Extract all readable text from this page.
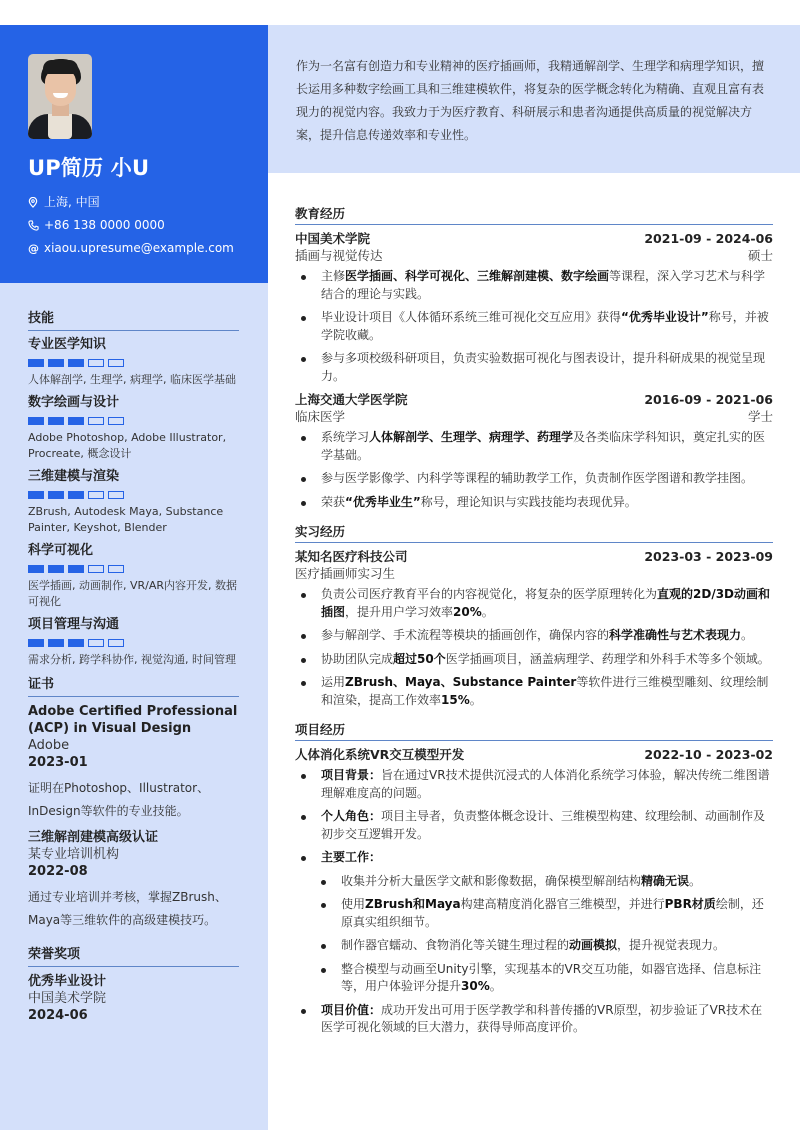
UP简历 小U
上海, 中国
+86 138 0000 0000
@ xiaou.upresume@example.com
技能
专业医学知识
人体解剖学, 生理学, 病理学, 临床医学基础
数字绘画与设计
Adobe Photoshop, Adobe Illustrator, Procreate, 概念设计
三维建模与渲染
ZBrush, Autodesk Maya, Substance Painter, Keyshot, Blender
科学可视化
医学插画, 动画制作, VR/AR内容开发, 数据可视化
项目管理与沟通
需求分析, 跨学科协作, 视觉沟通, 时间管理
证书
Adobe Certified Professional (ACP) in Visual Design
Adobe
2023-01
证明在Photoshop、Illustrator、InDesign等软件的专业技能。
三维解剖建模高级认证
某专业培训机构
2022-08
通过专业培训并考核，掌握ZBrush、Maya等三维软件的高级建模技巧。
荣誉奖项
优秀毕业设计
中国美术学院
2024-06

作为一名富有创造力和专业精神的医疗插画师，我精通解剖学、生理学和病理学知识，擅长运用多种数字绘画工具和三维建模软件，将复杂的医学概念转化为精确、直观且富有表现力的视觉内容。我致力于为医疗教育、科研展示和患者沟通提供高质量的视觉解决方案，提升信息传递效率和专业性。

教育经历
中国美术学院	2021-09 - 2024-06
插画与视觉传达	硕士
主修医学插画、科学可视化、三维解剖建模、数字绘画等课程，深入学习艺术与科学结合的理论与实践。
毕业设计项目《人体循环系统三维可视化交互应用》获得“优秀毕业设计”称号，并被学院收藏。
参与多项校级科研项目，负责实验数据可视化与图表设计，提升科研成果的视觉呈现力。
上海交通大学医学院	2016-09 - 2021-06
临床医学	学士
系统学习人体解剖学、生理学、病理学、药理学及各类临床学科知识，奠定扎实的医学基础。
参与医学影像学、内科学等课程的辅助教学工作，负责制作医学图谱和教学挂图。
荣获“优秀毕业生”称号，理论知识与实践技能均表现优异。
实习经历
某知名医疗科技公司	2023-03 - 2023-09
医疗插画师实习生
负责公司医疗教育平台的内容视觉化，将复杂的医学原理转化为直观的2D/3D动画和插图，提升用户学习效率20%。
参与解剖学、手术流程等模块的插画创作，确保内容的科学准确性与艺术表现力。
协助团队完成超过50个医学插画项目，涵盖病理学、药理学和外科手术等多个领域。
运用ZBrush、Maya、Substance Painter等软件进行三维模型雕刻、纹理绘制和渲染，提高工作效率15%。
项目经历
人体消化系统VR交互模型开发	2022-10 - 2023-02
项目背景：旨在通过VR技术提供沉浸式的人体消化系统学习体验，解决传统二维图谱理解难度高的问题。
个人角色：项目主导者，负责整体概念设计、三维模型构建、纹理绘制、动画制作及初步交互逻辑开发。
主要工作：
收集并分析大量医学文献和影像数据，确保模型解剖结构精确无误。
使用ZBrush和Maya构建高精度消化器官三维模型，并进行PBR材质绘制，还原真实组织细节。
制作器官蠕动、食物消化等关键生理过程的动画模拟，提升视觉表现力。
整合模型与动画至Unity引擎，实现基本的VR交互功能，如器官选择、信息标注等，用户体验评分提升30%。
项目价值：成功开发出可用于医学教学和科普传播的VR原型，初步验证了VR技术在医学可视化领域的巨大潜力，获得导师高度评价。
